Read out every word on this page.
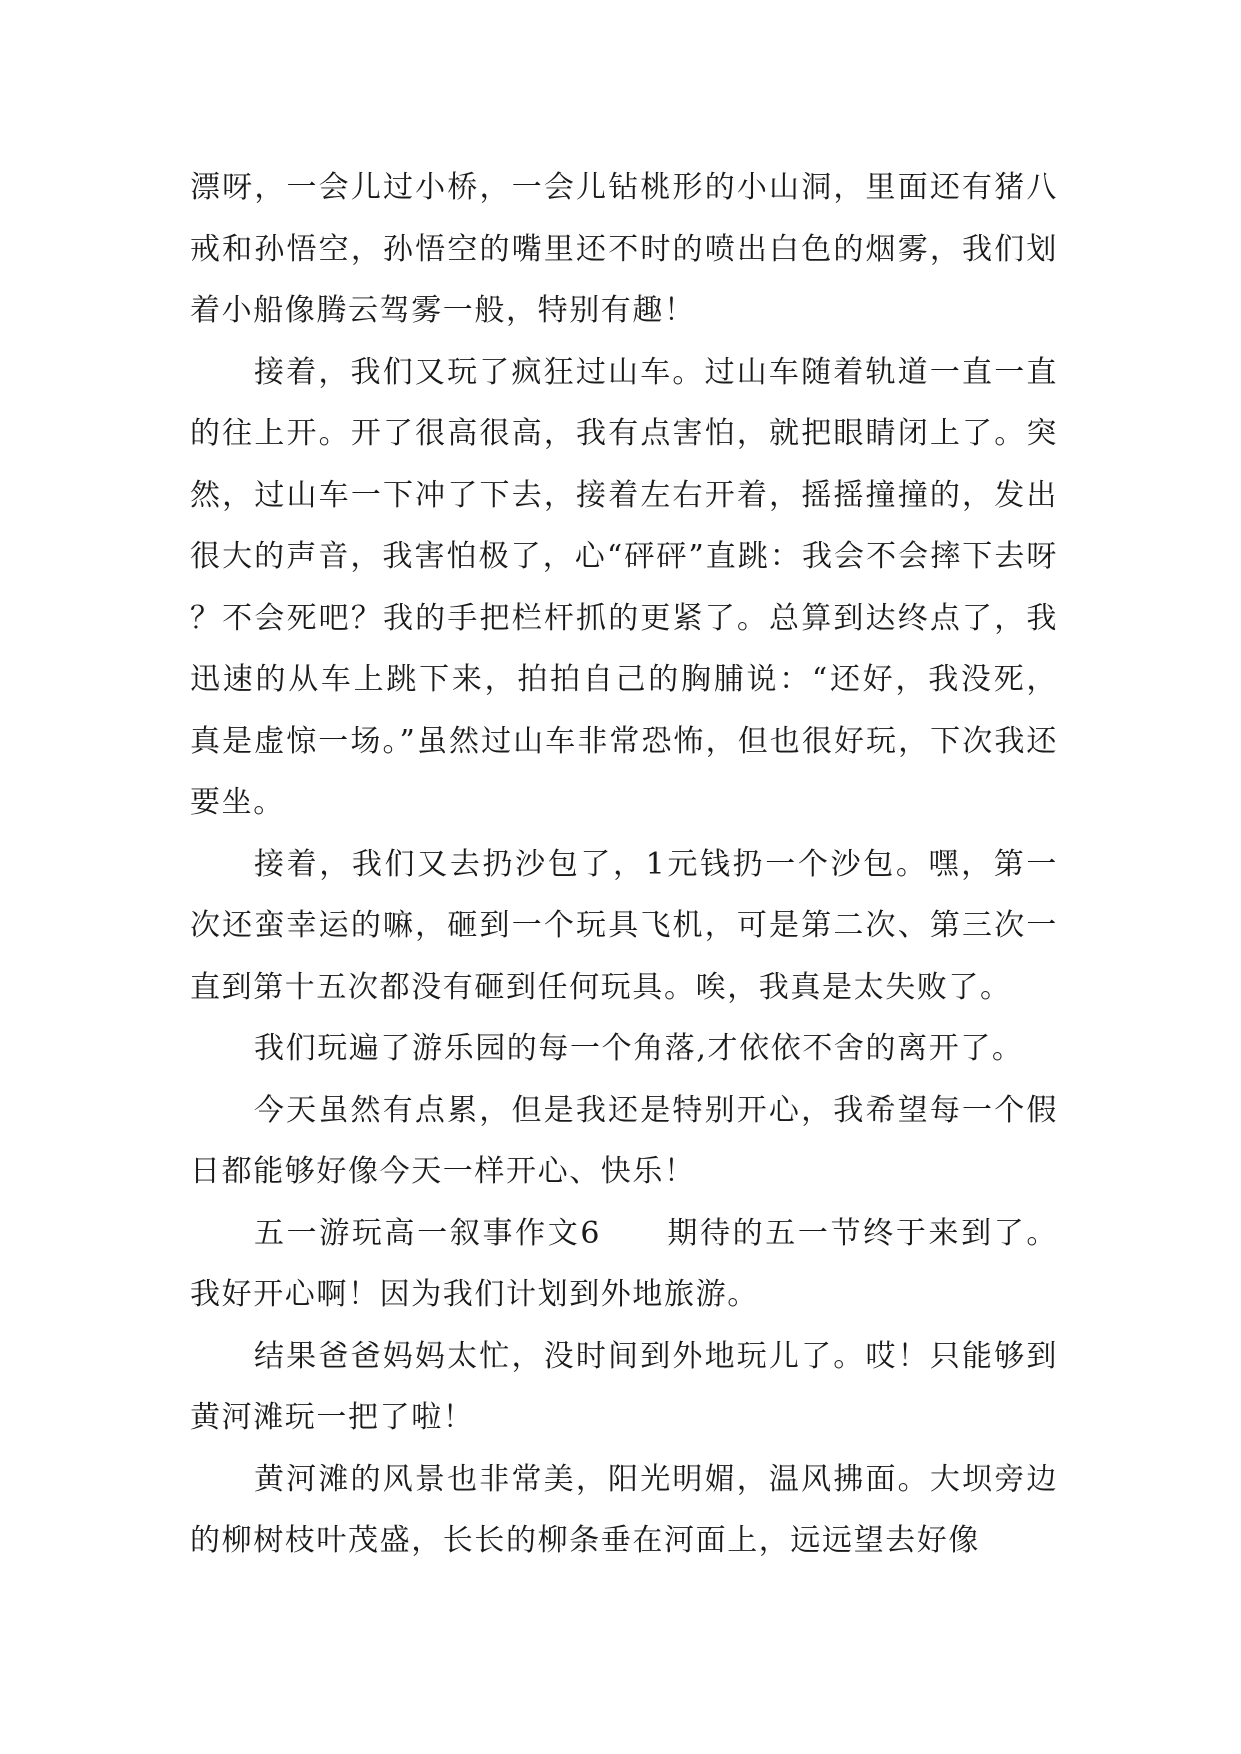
漂呀，一会儿过小桥，一会儿钻桃形的小山洞，里面还有猪八戒和孙悟空，孙悟空的嘴里还不时的喷出白色的烟雾，我们划着小船像腾云驾雾一般，特别有趣！

接着，我们又玩了疯狂过山车。过山车随着轨道一直一直的往上开。开了很高很高，我有点害怕，就把眼睛闭上了。突然，过山车一下冲了下去，接着左右开着，摇摇撞撞的，发出很大的声音，我害怕极了，心“砰砰”直跳：我会不会摔下去呀？不会死吧？我的手把栏杆抓的更紧了。总算到达终点了，我迅速的从车上跳下来，拍拍自己的胸脯说：“还好，我没死，真是虚惊一场。”虽然过山车非常恐怖，但也很好玩，下次我还要坐。

接着，我们又去扔沙包了，1元钱扔一个沙包。嘿，第一次还蛮幸运的嘛，砸到一个玩具飞机，可是第二次、第三次一直到第十五次都没有砸到任何玩具。唉，我真是太失败了。

我们玩遍了游乐园的每一个角落,才依依不舍的离开了。

今天虽然有点累，但是我还是特别开心，我希望每一个假日都能够好像今天一样开心、快乐！

五一游玩高一叙事作文6　　期待的五一节终于来到了。我好开心啊！因为我们计划到外地旅游。

结果爸爸妈妈太忙，没时间到外地玩儿了。哎！只能够到黄河滩玩一把了啦！

黄河滩的风景也非常美，阳光明媚，温风拂面。大坝旁边的柳树枝叶茂盛，长长的柳条垂在河面上，远远望去好像
